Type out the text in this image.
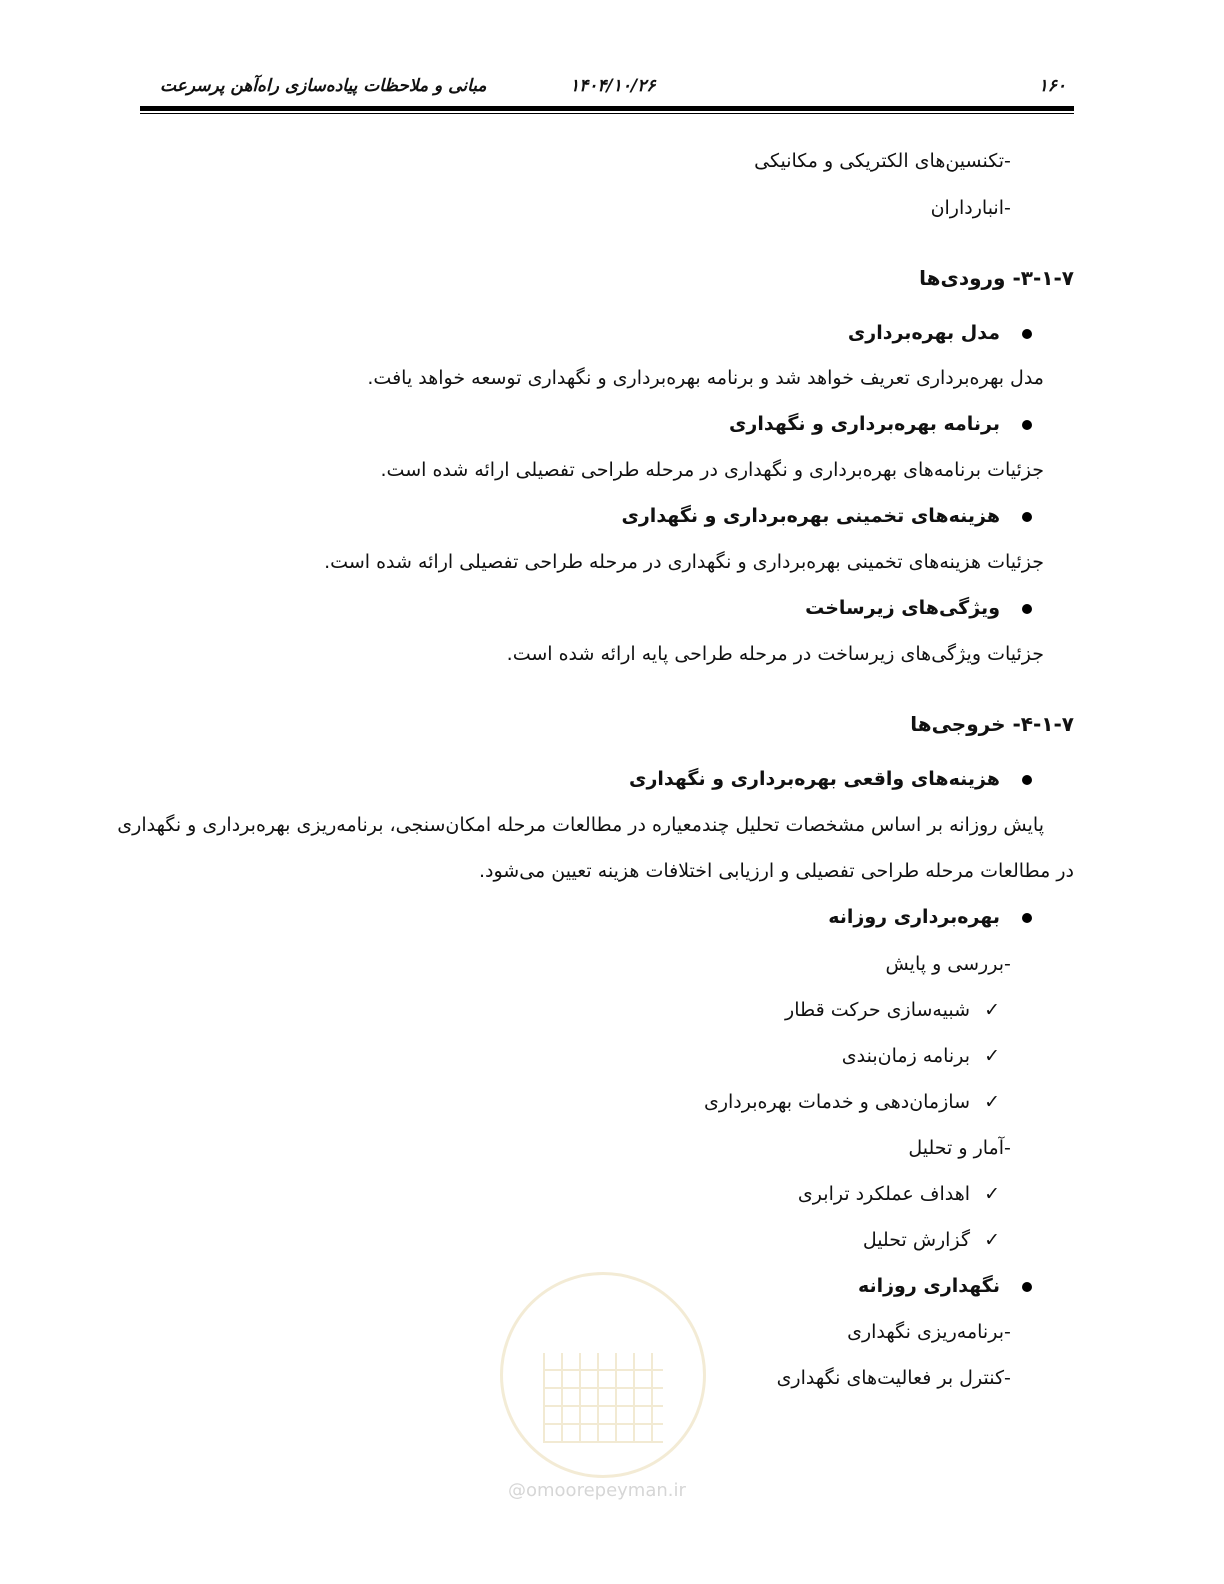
۱۶۰
۱۴۰۴/۱۰/۲۶
مبانی و ملاحظات پیاده‌سازی راه‌آهن پرسرعت
-تکنسین‌های الکتریکی و مکانیکی
-انبارداران
۳-۱-۷- ورودی‌ها
مدل بهره‌برداری
مدل بهره‌برداری تعریف خواهد شد و برنامه بهره‌برداری و نگهداری توسعه خواهد یافت.
برنامه بهره‌برداری و نگهداری
جزئیات برنامه‌های بهره‌برداری و نگهداری در مرحله طراحی تفصیلی ارائه شده است.
هزینه‌های تخمینی بهره‌برداری و نگهداری
جزئیات هزینه‌های تخمینی بهره‌برداری و نگهداری در مرحله طراحی تفصیلی ارائه شده است.
ویژگی‌های زیرساخت
جزئیات ویژگی‌های زیرساخت در مرحله طراحی پایه ارائه شده است.
۴-۱-۷- خروجی‌ها
هزینه‌های واقعی بهره‌برداری و نگهداری
پایش روزانه بر اساس مشخصات تحلیل چندمعیاره در مطالعات مرحله امکان‌سنجی، برنامه‌ریزی بهره‌برداری و نگهداری
در مطالعات مرحله طراحی تفصیلی و ارزیابی اختلافات هزینه تعیین می‌شود.
بهره‌برداری روزانه
-بررسی و پایش
✓شبیه‌سازی حرکت قطار
✓برنامه زمان‌بندی
✓سازمان‌دهی و خدمات بهره‌برداری
-آمار و تحلیل
✓اهداف عملکرد ترابری
✓گزارش تحلیل
نگهداری روزانه
-برنامه‌ریزی نگهداری
-کنترل بر فعالیت‌های نگهداری
@omoorepeyman.ir
